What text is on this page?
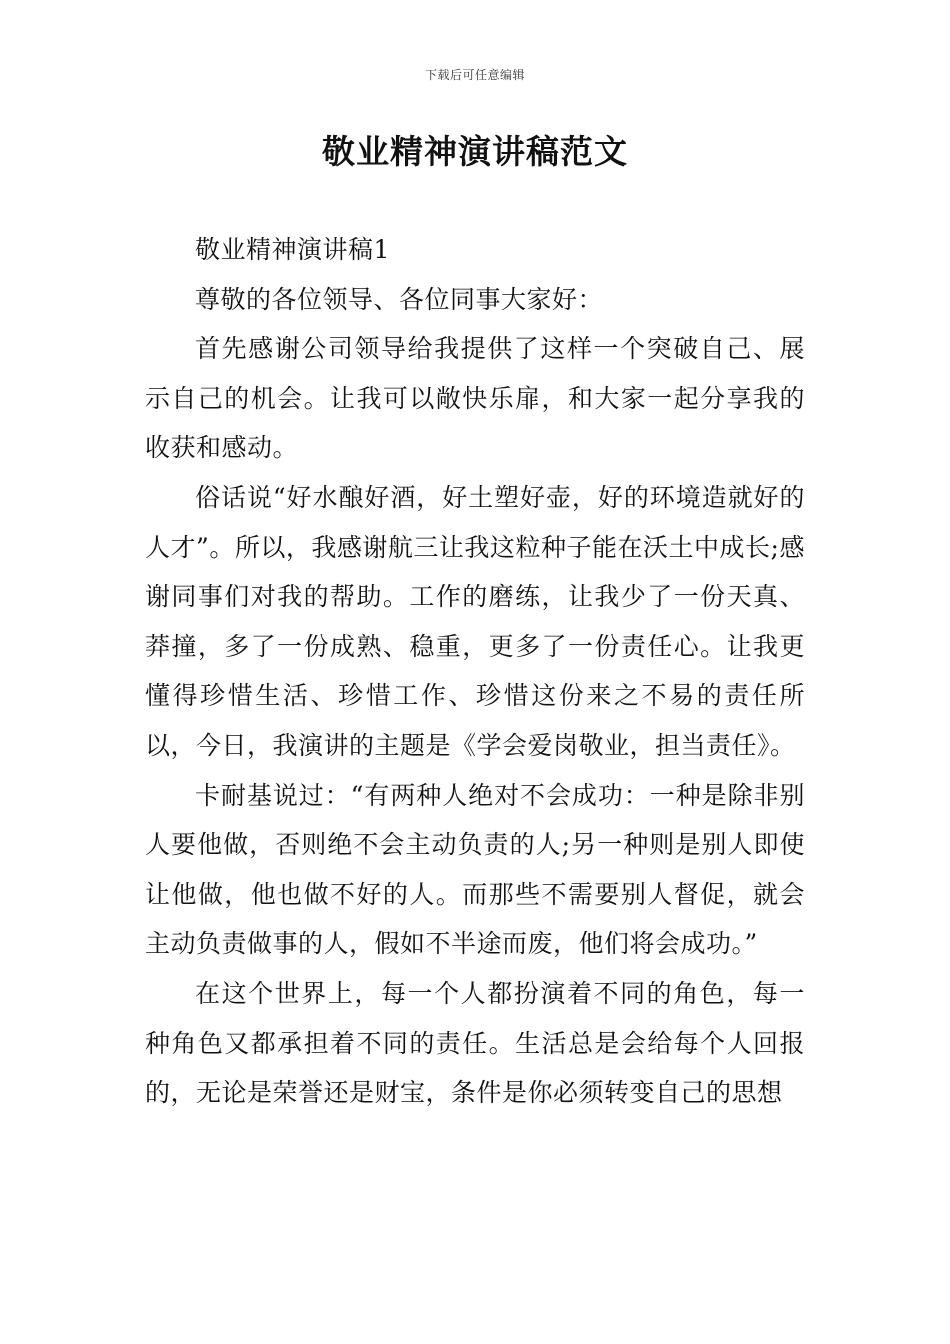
下载后可任意编辑
敬业精神演讲稿范文

敬业精神演讲稿1

尊敬的各位领导、各位同事大家好：

首先感谢公司领导给我提供了这样一个突破自己、展示自己的机会。让我可以敞快乐扉，和大家一起分享我的收获和感动。

俗话说“好水酿好酒，好土塑好壶，好的环境造就好的人才”。所以，我感谢航三让我这粒种子能在沃土中成长;感谢同事们对我的帮助。工作的磨练，让我少了一份天真、莽撞，多了一份成熟、稳重，更多了一份责任心。让我更懂得珍惜生活、珍惜工作、珍惜这份来之不易的责任所以，今日，我演讲的主题是《学会爱岗敬业，担当责任》。

卡耐基说过：“有两种人绝对不会成功：一种是除非别人要他做，否则绝不会主动负责的人;另一种则是别人即使让他做，他也做不好的人。而那些不需要别人督促，就会主动负责做事的人，假如不半途而废，他们将会成功。”

在这个世界上，每一个人都扮演着不同的角色，每一种角色又都承担着不同的责任。生活总是会给每个人回报的，无论是荣誉还是财宝，条件是你必须转变自己的思想
